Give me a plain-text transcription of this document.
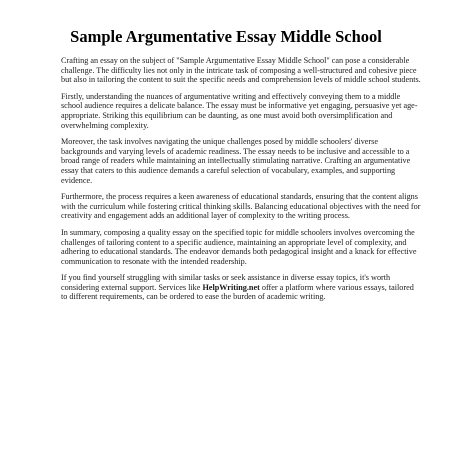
Sample Argumentative Essay Middle School

Crafting an essay on the subject of "Sample Argumentative Essay Middle School" can pose a considerable challenge. The difficulty lies not only in the intricate task of composing a well-structured and cohesive piece but also in tailoring the content to suit the specific needs and comprehension levels of middle school students.

Firstly, understanding the nuances of argumentative writing and effectively conveying them to a middle school audience requires a delicate balance. The essay must be informative yet engaging, persuasive yet age-appropriate. Striking this equilibrium can be daunting, as one must avoid both oversimplification and overwhelming complexity.

Moreover, the task involves navigating the unique challenges posed by middle schoolers' diverse backgrounds and varying levels of academic readiness. The essay needs to be inclusive and accessible to a broad range of readers while maintaining an intellectually stimulating narrative. Crafting an argumentative essay that caters to this audience demands a careful selection of vocabulary, examples, and supporting evidence.

Furthermore, the process requires a keen awareness of educational standards, ensuring that the content aligns with the curriculum while fostering critical thinking skills. Balancing educational objectives with the need for creativity and engagement adds an additional layer of complexity to the writing process.

In summary, composing a quality essay on the specified topic for middle schoolers involves overcoming the challenges of tailoring content to a specific audience, maintaining an appropriate level of complexity, and adhering to educational standards. The endeavor demands both pedagogical insight and a knack for effective communication to resonate with the intended readership.

If you find yourself struggling with similar tasks or seek assistance in diverse essay topics, it's worth considering external support. Services like HelpWriting.net offer a platform where various essays, tailored to different requirements, can be ordered to ease the burden of academic writing.
